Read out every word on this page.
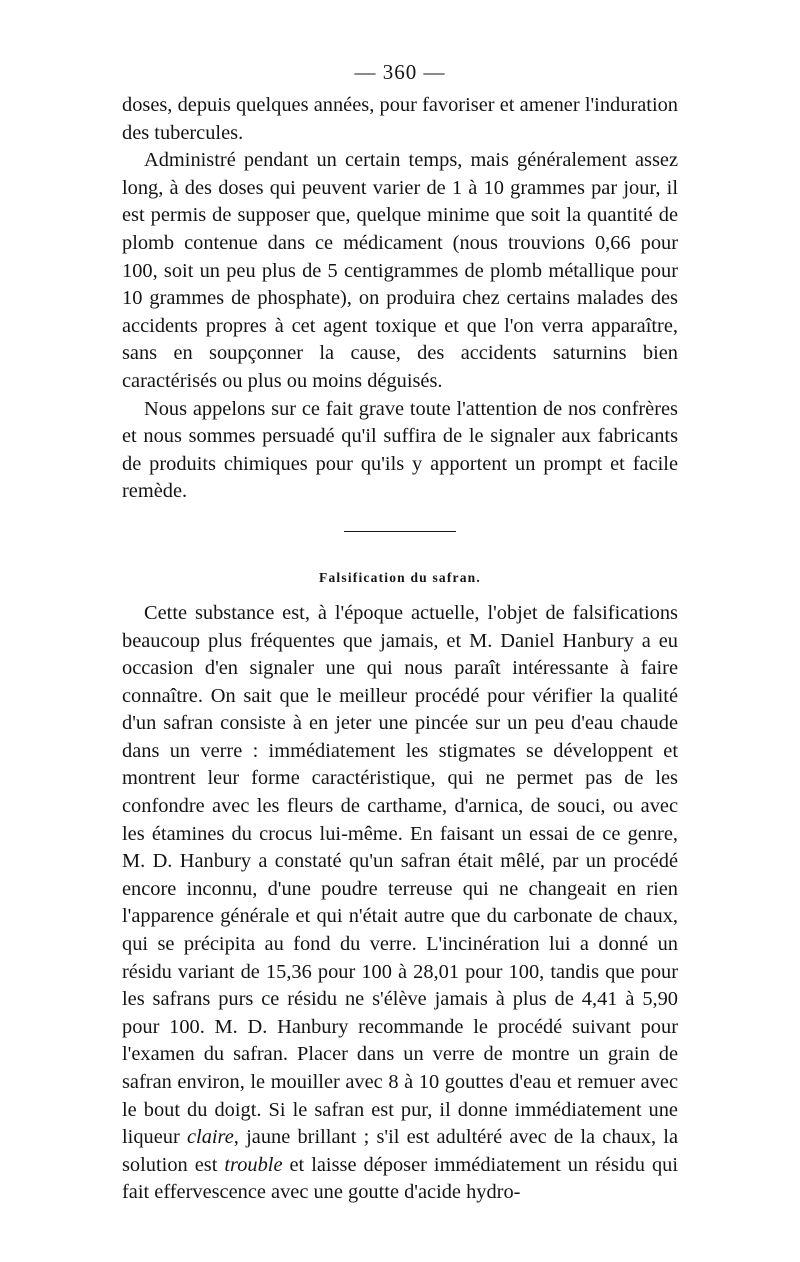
— 360 —

doses, depuis quelques années, pour favoriser et amener l'induration des tubercules.

Administré pendant un certain temps, mais généralement assez long, à des doses qui peuvent varier de 1 à 10 grammes par jour, il est permis de supposer que, quelque minime que soit la quantité de plomb contenue dans ce médicament (nous trouvions 0,66 pour 100, soit un peu plus de 5 centigrammes de plomb métallique pour 10 grammes de phosphate), on produira chez certains malades des accidents propres à cet agent toxique et que l'on verra apparaître, sans en soupçonner la cause, des accidents saturnins bien caractérisés ou plus ou moins déguisés.

Nous appelons sur ce fait grave toute l'attention de nos confrères et nous sommes persuadé qu'il suffira de le signaler aux fabricants de produits chimiques pour qu'ils y apportent un prompt et facile remède.

Falsification du safran.

Cette substance est, à l'époque actuelle, l'objet de falsifications beaucoup plus fréquentes que jamais, et M. Daniel Hanbury a eu occasion d'en signaler une qui nous paraît intéressante à faire connaître. On sait que le meilleur procédé pour vérifier la qualité d'un safran consiste à en jeter une pincée sur un peu d'eau chaude dans un verre : immédiatement les stigmates se développent et montrent leur forme caractéristique, qui ne permet pas de les confondre avec les fleurs de carthame, d'arnica, de souci, ou avec les étamines du crocus lui-même. En faisant un essai de ce genre, M. D. Hanbury a constaté qu'un safran était mêlé, par un procédé encore inconnu, d'une poudre terreuse qui ne changeait en rien l'apparence générale et qui n'était autre que du carbonate de chaux, qui se précipita au fond du verre. L'incinération lui a donné un résidu variant de 15,36 pour 100 à 28,01 pour 100, tandis que pour les safrans purs ce résidu ne s'élève jamais à plus de 4,41 à 5,90 pour 100. M. D. Hanbury recommande le procédé suivant pour l'examen du safran. Placer dans un verre de montre un grain de safran environ, le mouiller avec 8 à 10 gouttes d'eau et remuer avec le bout du doigt. Si le safran est pur, il donne immédiatement une liqueur claire, jaune brillant ; s'il est adultéré avec de la chaux, la solution est trouble et laisse déposer immédiatement un résidu qui fait effervescence avec une goutte d'acide hydro-
